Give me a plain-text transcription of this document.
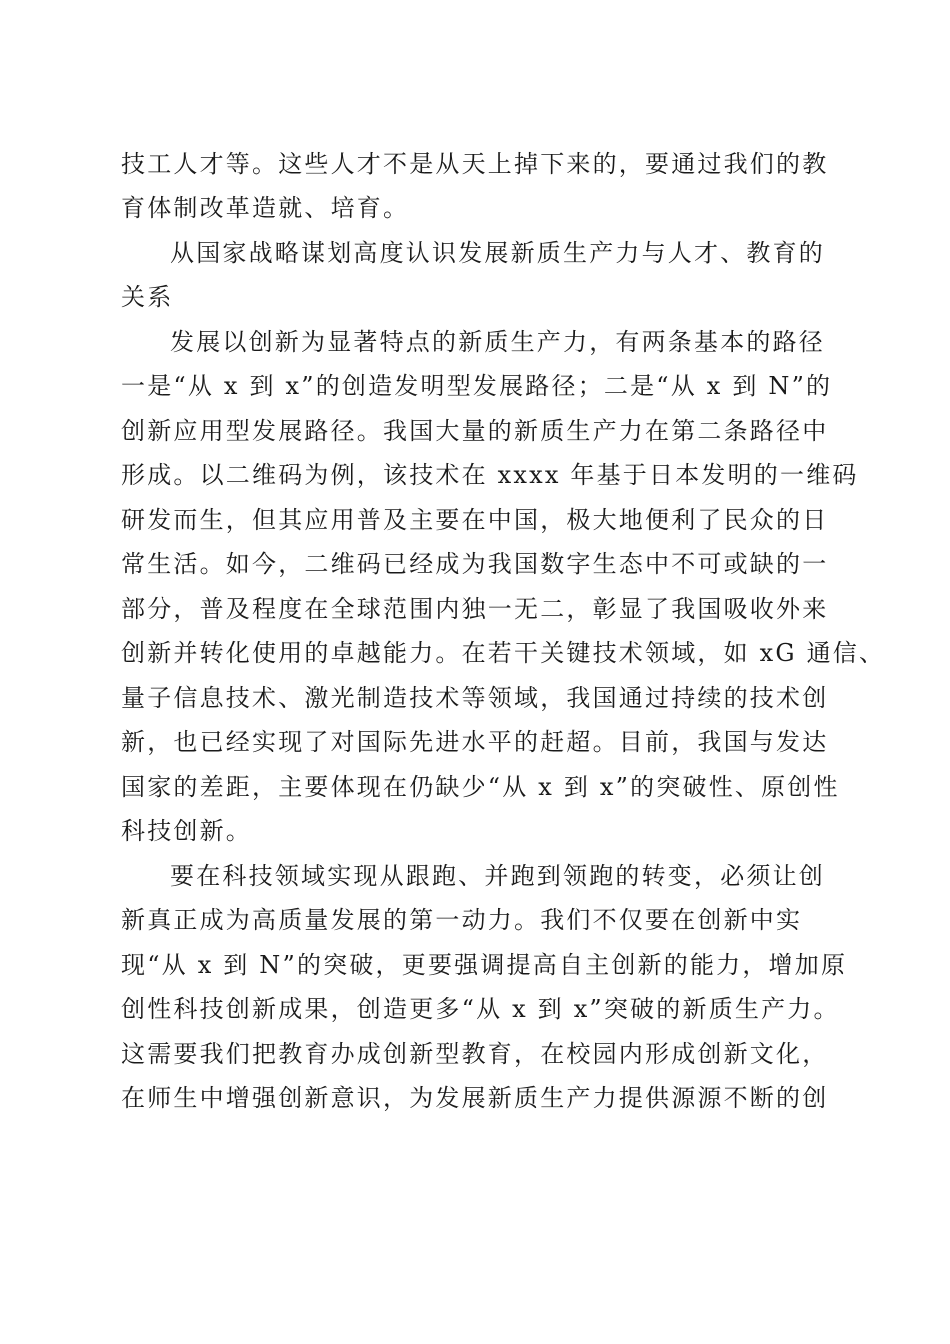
技工人才等。这些人才不是从天上掉下来的，要通过我们的教
育体制改革造就、培育。
从国家战略谋划高度认识发展新质生产力与人才、教育的
关系
发展以创新为显著特点的新质生产力，有两条基本的路径
一是“从 x 到 x”的创造发明型发展路径；二是“从 x 到 N”的
创新应用型发展路径。我国大量的新质生产力在第二条路径中
形成。以二维码为例，该技术在 xxxx 年基于日本发明的一维码
研发而生，但其应用普及主要在中国，极大地便利了民众的日
常生活。如今，二维码已经成为我国数字生态中不可或缺的一
部分，普及程度在全球范围内独一无二，彰显了我国吸收外来
创新并转化使用的卓越能力。在若干关键技术领域，如 xG 通信、
量子信息技术、激光制造技术等领域，我国通过持续的技术创
新，也已经实现了对国际先进水平的赶超。目前，我国与发达
国家的差距，主要体现在仍缺少“从 x 到 x”的突破性、原创性
科技创新。
要在科技领域实现从跟跑、并跑到领跑的转变，必须让创
新真正成为高质量发展的第一动力。我们不仅要在创新中实
现“从 x 到 N”的突破，更要强调提高自主创新的能力，增加原
创性科技创新成果，创造更多“从 x 到 x”突破的新质生产力。
这需要我们把教育办成创新型教育，在校园内形成创新文化，
在师生中增强创新意识，为发展新质生产力提供源源不断的创
